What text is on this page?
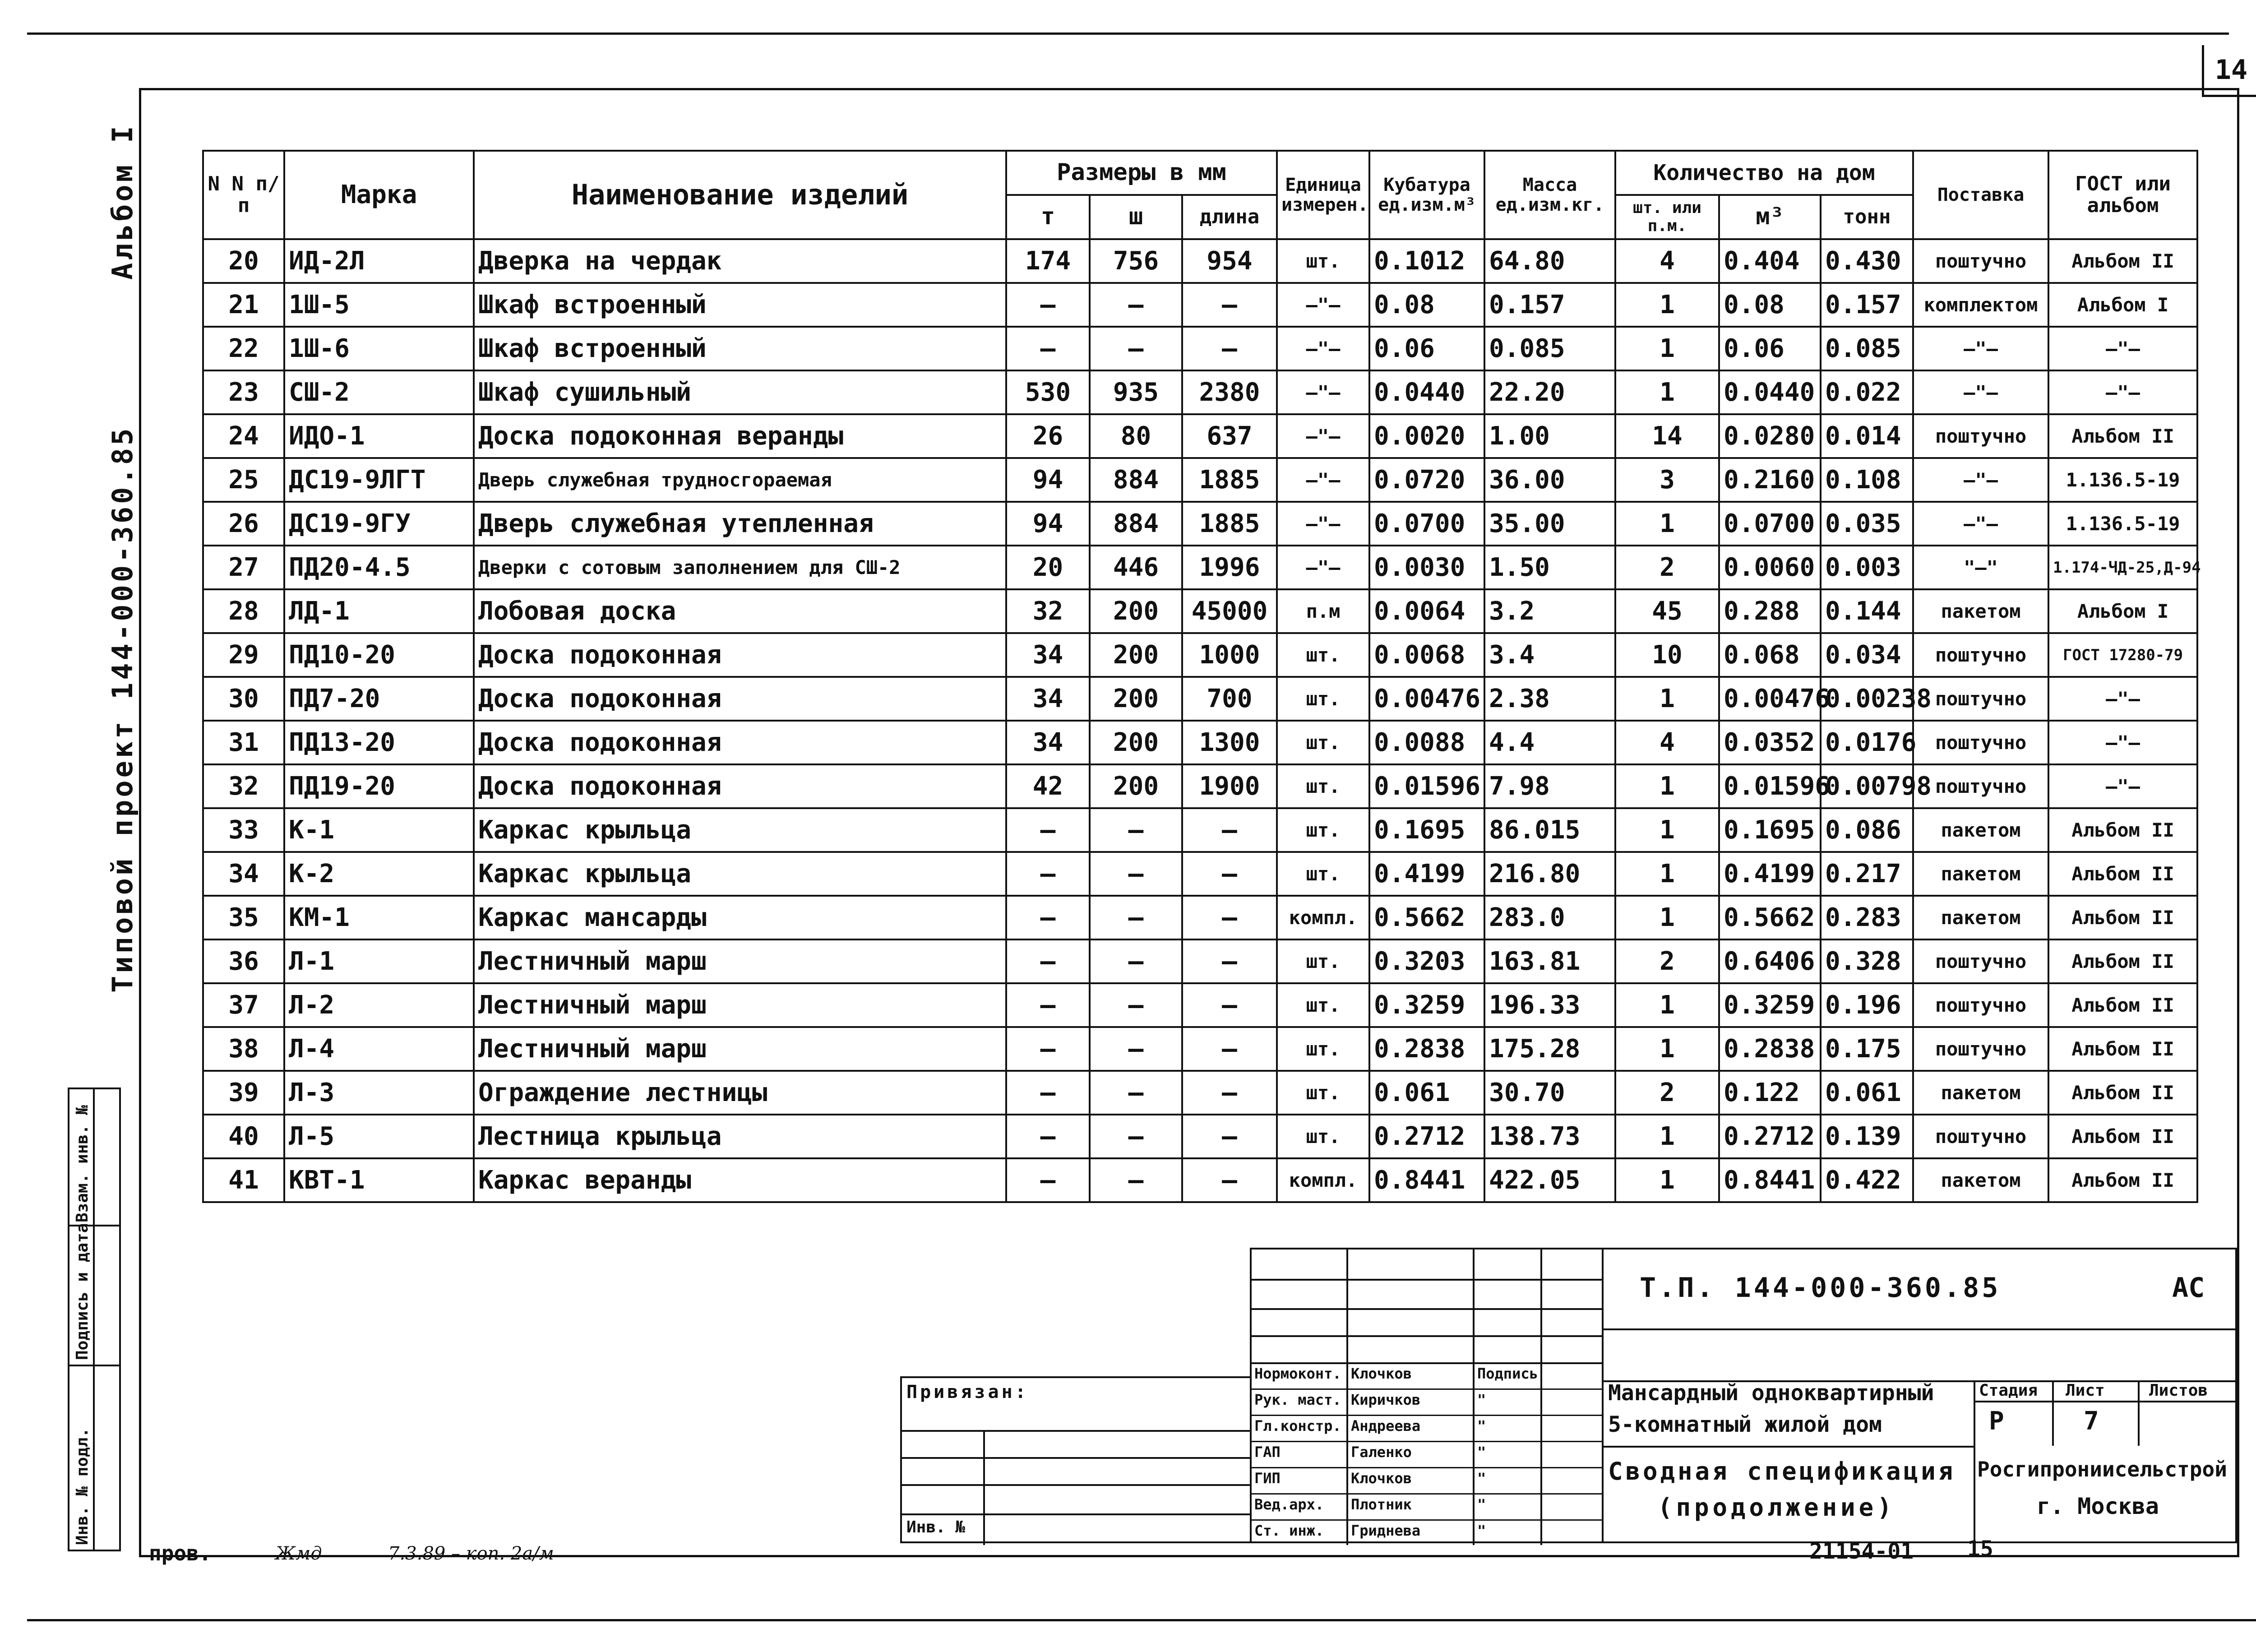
14
Альбом I
Типовой проект 144-000-360.85
Инв. № подл.
Подпись и дата
Взам. инв. №
N N п/п	Марка	Наименование изделий	Размеры в мм			Единица измерен.	Кубатура ед.изм.м³	Масса ед.изм.кг.	Количество на дом			Поставка	ГОСТ или альбом
			т	ш	длина				шт. или п.м.	м³	тонн		
20	ИД-2Л	Дверка на чердак	174	756	954	шт.	0.1012	64.80	4	0.404	0.430	поштучно	Альбом II
21	1Ш-5	Шкаф встроенный	—	—	—	—"—	0.08	0.157	1	0.08	0.157	комплектом	Альбом I
22	1Ш-6	Шкаф встроенный	—	—	—	—"—	0.06	0.085	1	0.06	0.085	—"—	—"—
23	СШ-2	Шкаф сушильный	530	935	2380	—"—	0.0440	22.20	1	0.0440	0.022	—"—	—"—
24	ИДО-1	Доска подоконная веранды	26	80	637	—"—	0.0020	1.00	14	0.0280	0.014	поштучно	Альбом II
25	ДС19-9ЛГТ	Дверь служебная трудносгораемая	94	884	1885	—"—	0.0720	36.00	3	0.2160	0.108	—"—	1.136.5-19
26	ДС19-9ГУ	Дверь служебная утепленная	94	884	1885	—"—	0.0700	35.00	1	0.0700	0.035	—"—	1.136.5-19
27	ПД20-4.5	Дверки с сотовым заполнением для СШ-2	20	446	1996	—"—	0.0030	1.50	2	0.0060	0.003	"—"	1.174-ЧД-25,Д-94
28	ЛД-1	Лобовая доска	32	200	45000	п.м	0.0064	3.2	45	0.288	0.144	пакетом	Альбом I
29	ПД10-20	Доска подоконная	34	200	1000	шт.	0.0068	3.4	10	0.068	0.034	поштучно	ГОСТ 17280-79
30	ПД7-20	Доска подоконная	34	200	700	шт.	0.00476	2.38	1	0.00476	0.00238	поштучно	—"—
31	ПД13-20	Доска подоконная	34	200	1300	шт.	0.0088	4.4	4	0.0352	0.0176	поштучно	—"—
32	ПД19-20	Доска подоконная	42	200	1900	шт.	0.01596	7.98	1	0.01596	0.00798	поштучно	—"—
33	К-1	Каркас крыльца	—	—	—	шт.	0.1695	86.015	1	0.1695	0.086	пакетом	Альбом II
34	К-2	Каркас крыльца	—	—	—	шт.	0.4199	216.80	1	0.4199	0.217	пакетом	Альбом II
35	КМ-1	Каркас мансарды	—	—	—	компл.	0.5662	283.0	1	0.5662	0.283	пакетом	Альбом II
36	Л-1	Лестничный марш	—	—	—	шт.	0.3203	163.81	2	0.6406	0.328	поштучно	Альбом II
37	Л-2	Лестничный марш	—	—	—	шт.	0.3259	196.33	1	0.3259	0.196	поштучно	Альбом II
38	Л-4	Лестничный марш	—	—	—	шт.	0.2838	175.28	1	0.2838	0.175	поштучно	Альбом II
39	Л-3	Ограждение лестницы	—	—	—	шт.	0.061	30.70	2	0.122	0.061	пакетом	Альбом II
40	Л-5	Лестница крыльца	—	—	—	шт.	0.2712	138.73	1	0.2712	0.139	поштучно	Альбом II
41	КВТ-1	Каркас веранды	—	—	—	компл.	0.8441	422.05	1	0.8441	0.422	пакетом	Альбом II
Нормоконт. Клочков	Подпись
Рук. маст. Киричков	"
Гл.констр. Андреева	"
ГАП	Галенко	"
ГИП	Клочков	"
Вед.арх.	Плотник	"
Ст. инж.	Гриднева	"
Т.П. 144-000-360.85	АС
Мансардный одноквартирный
5-комнатный жилой дом
Сводная спецификация
(продолжение)
Стадия Лист	Листов
Р	7
Росгипрониисельстрой
г. Москва
Привязан:
Инв. №
пров.	Жмд	7.3.89 – коп. 2а/м	21154-01 15
